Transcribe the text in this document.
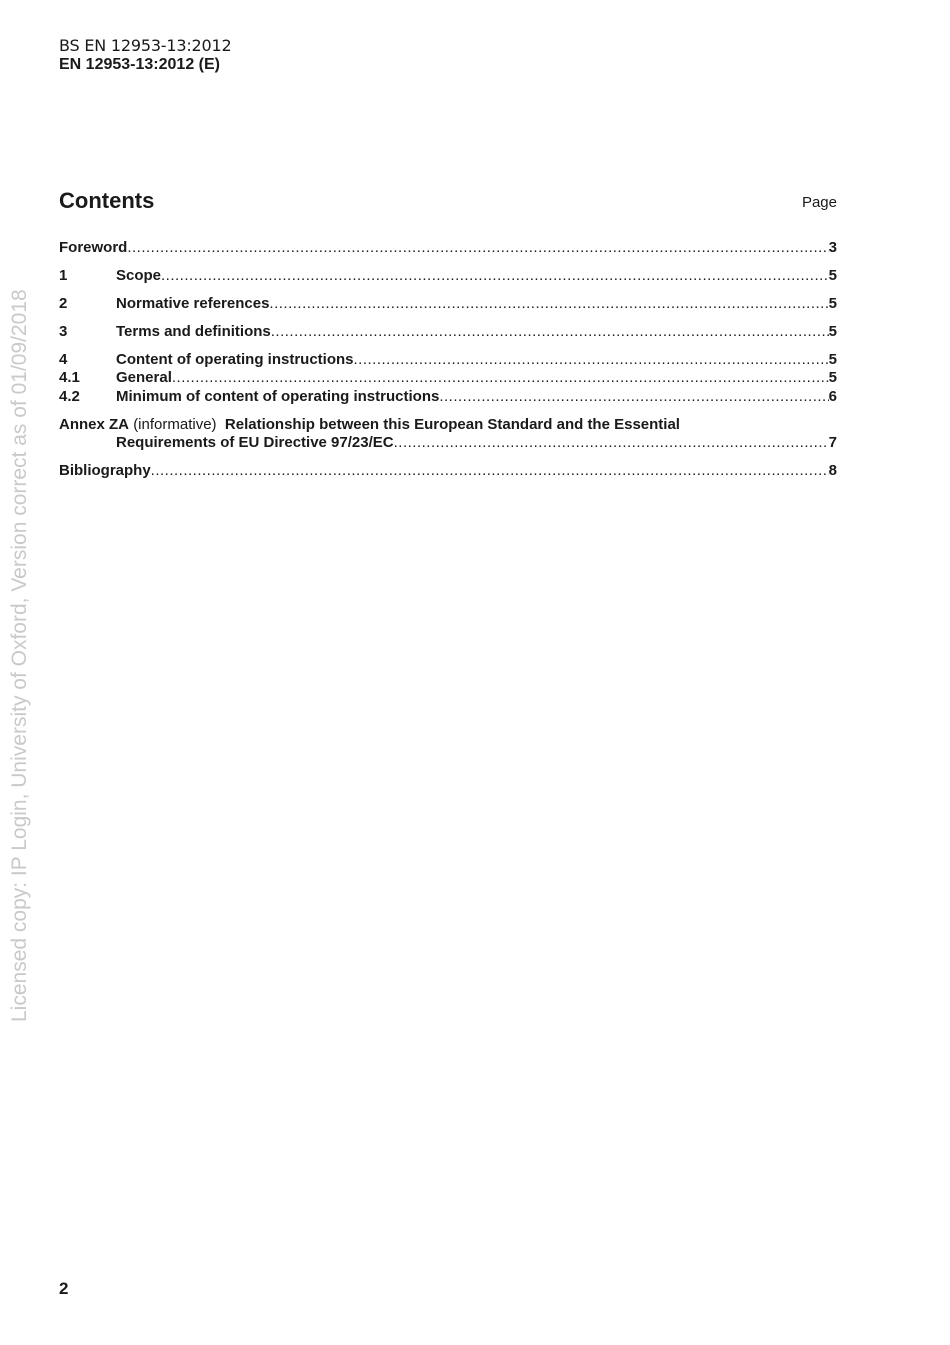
BS EN 12953-13:2012
EN 12953-13:2012 (E)
Contents	Page
Foreword .....	3
1	Scope .....	5
2	Normative references .....	5
3	Terms and definitions .....	5
4	Content of operating instructions .....	5
4.1	General .....	5
4.2	Minimum of content of operating instructions .....	6
Annex ZA (informative) Relationship between this European Standard and the Essential
Requirements of EU Directive 97/23/EC .....	7
Bibliography .....	8
Licensed copy: IP Login, University of Oxford, Version correct as of 01/09/2018
2
